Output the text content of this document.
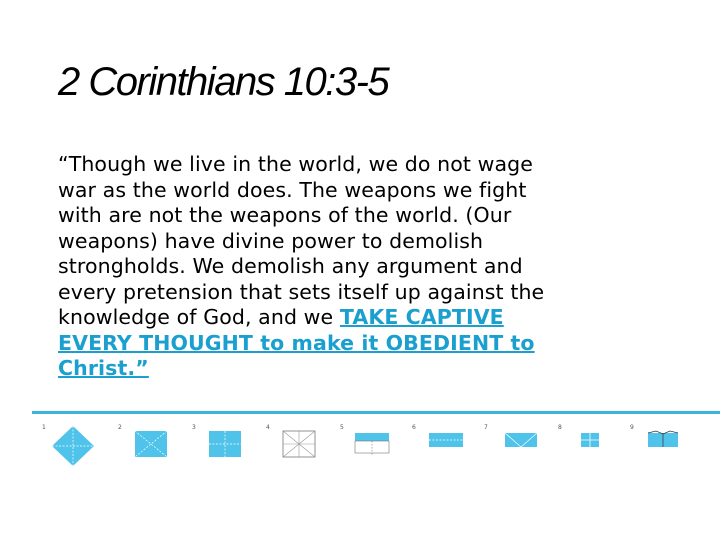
2 Corinthians 10:3-5
“Though we live in the world, we do not wage
war as the world does. The weapons we fight
with are not the weapons of the world. (Our
weapons) have divine power to demolish
strongholds. We demolish any argument and
every pretension that sets itself up against the
knowledge of God, and we TAKE CAPTIVE
EVERY THOUGHT to make it OBEDIENT to
Christ.”
1	2	3	4	5	6	7	8	9
